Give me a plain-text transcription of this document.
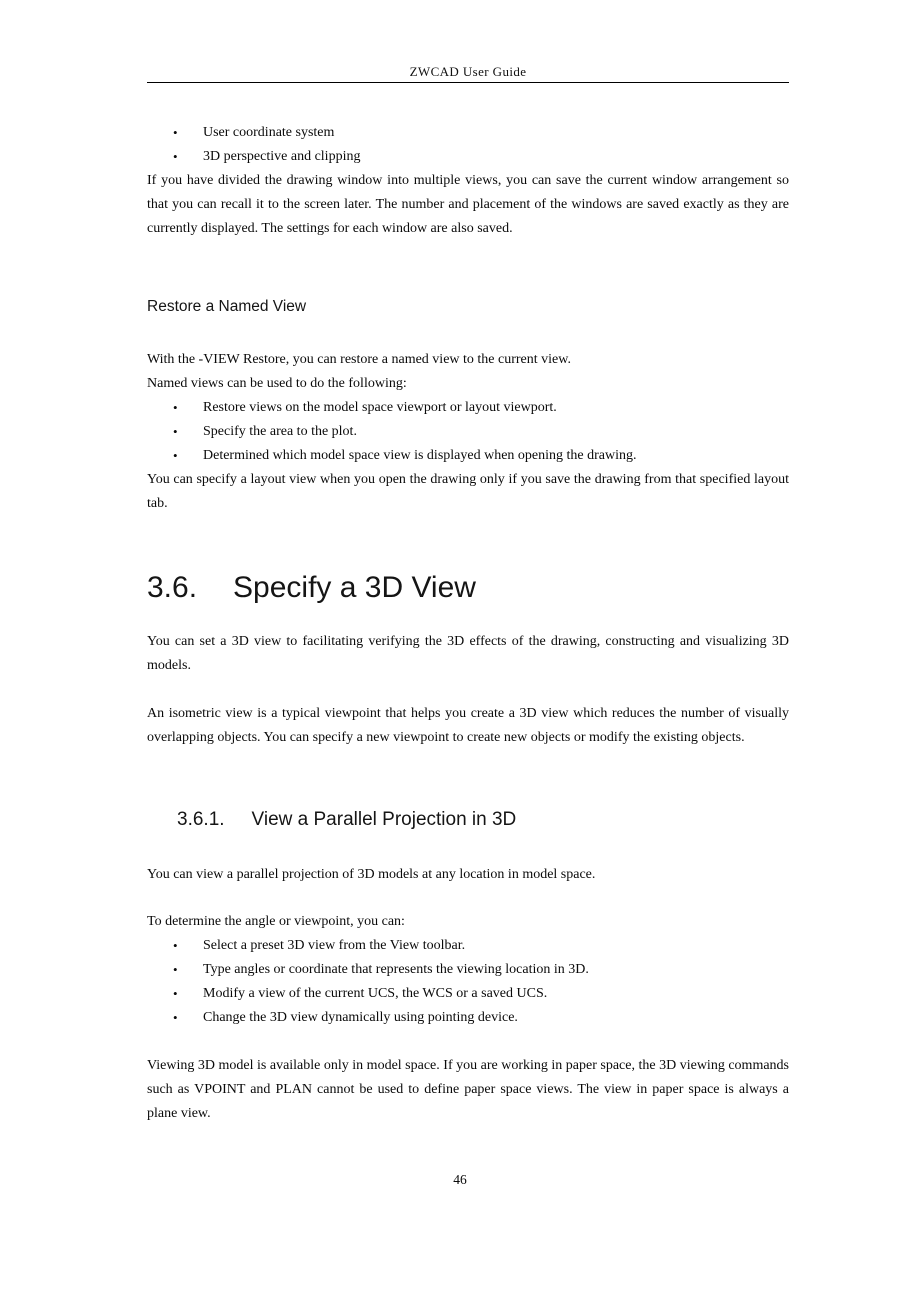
ZWCAD User Guide
•	User coordinate system
•	3D perspective and clipping

If you have divided the drawing window into multiple views, you can save the current window arrangement so that you can recall it to the screen later. The number and placement of the windows are saved exactly as they are currently displayed. The settings for each window are also saved.

Restore a Named View

With the -VIEW Restore, you can restore a named view to the current view.

Named views can be used to do the following:

•	Restore views on the model space viewport or layout viewport.
•	Specify the area to the plot.
•	Determined which model space view is displayed when opening the drawing.

You can specify a layout view when you open the drawing only if you save the drawing from that specified layout tab.

3.6. Specify a 3D View

You can set a 3D view to facilitating verifying the 3D effects of the drawing, constructing and visualizing 3D models.

An isometric view is a typical viewpoint that helps you create a 3D view which reduces the number of visually overlapping objects. You can specify a new viewpoint to create new objects or modify the existing objects.

3.6.1. View a Parallel Projection in 3D

You can view a parallel projection of 3D models at any location in model space.

To determine the angle or viewpoint, you can:

•	Select a preset 3D view from the View toolbar.
•	Type angles or coordinate that represents the viewing location in 3D.
•	Modify a view of the current UCS, the WCS or a saved UCS.
•	Change the 3D view dynamically using pointing device.

Viewing 3D model is available only in model space. If you are working in paper space, the 3D viewing commands such as VPOINT and PLAN cannot be used to define paper space views. The view in paper space is always a plane view.

46
